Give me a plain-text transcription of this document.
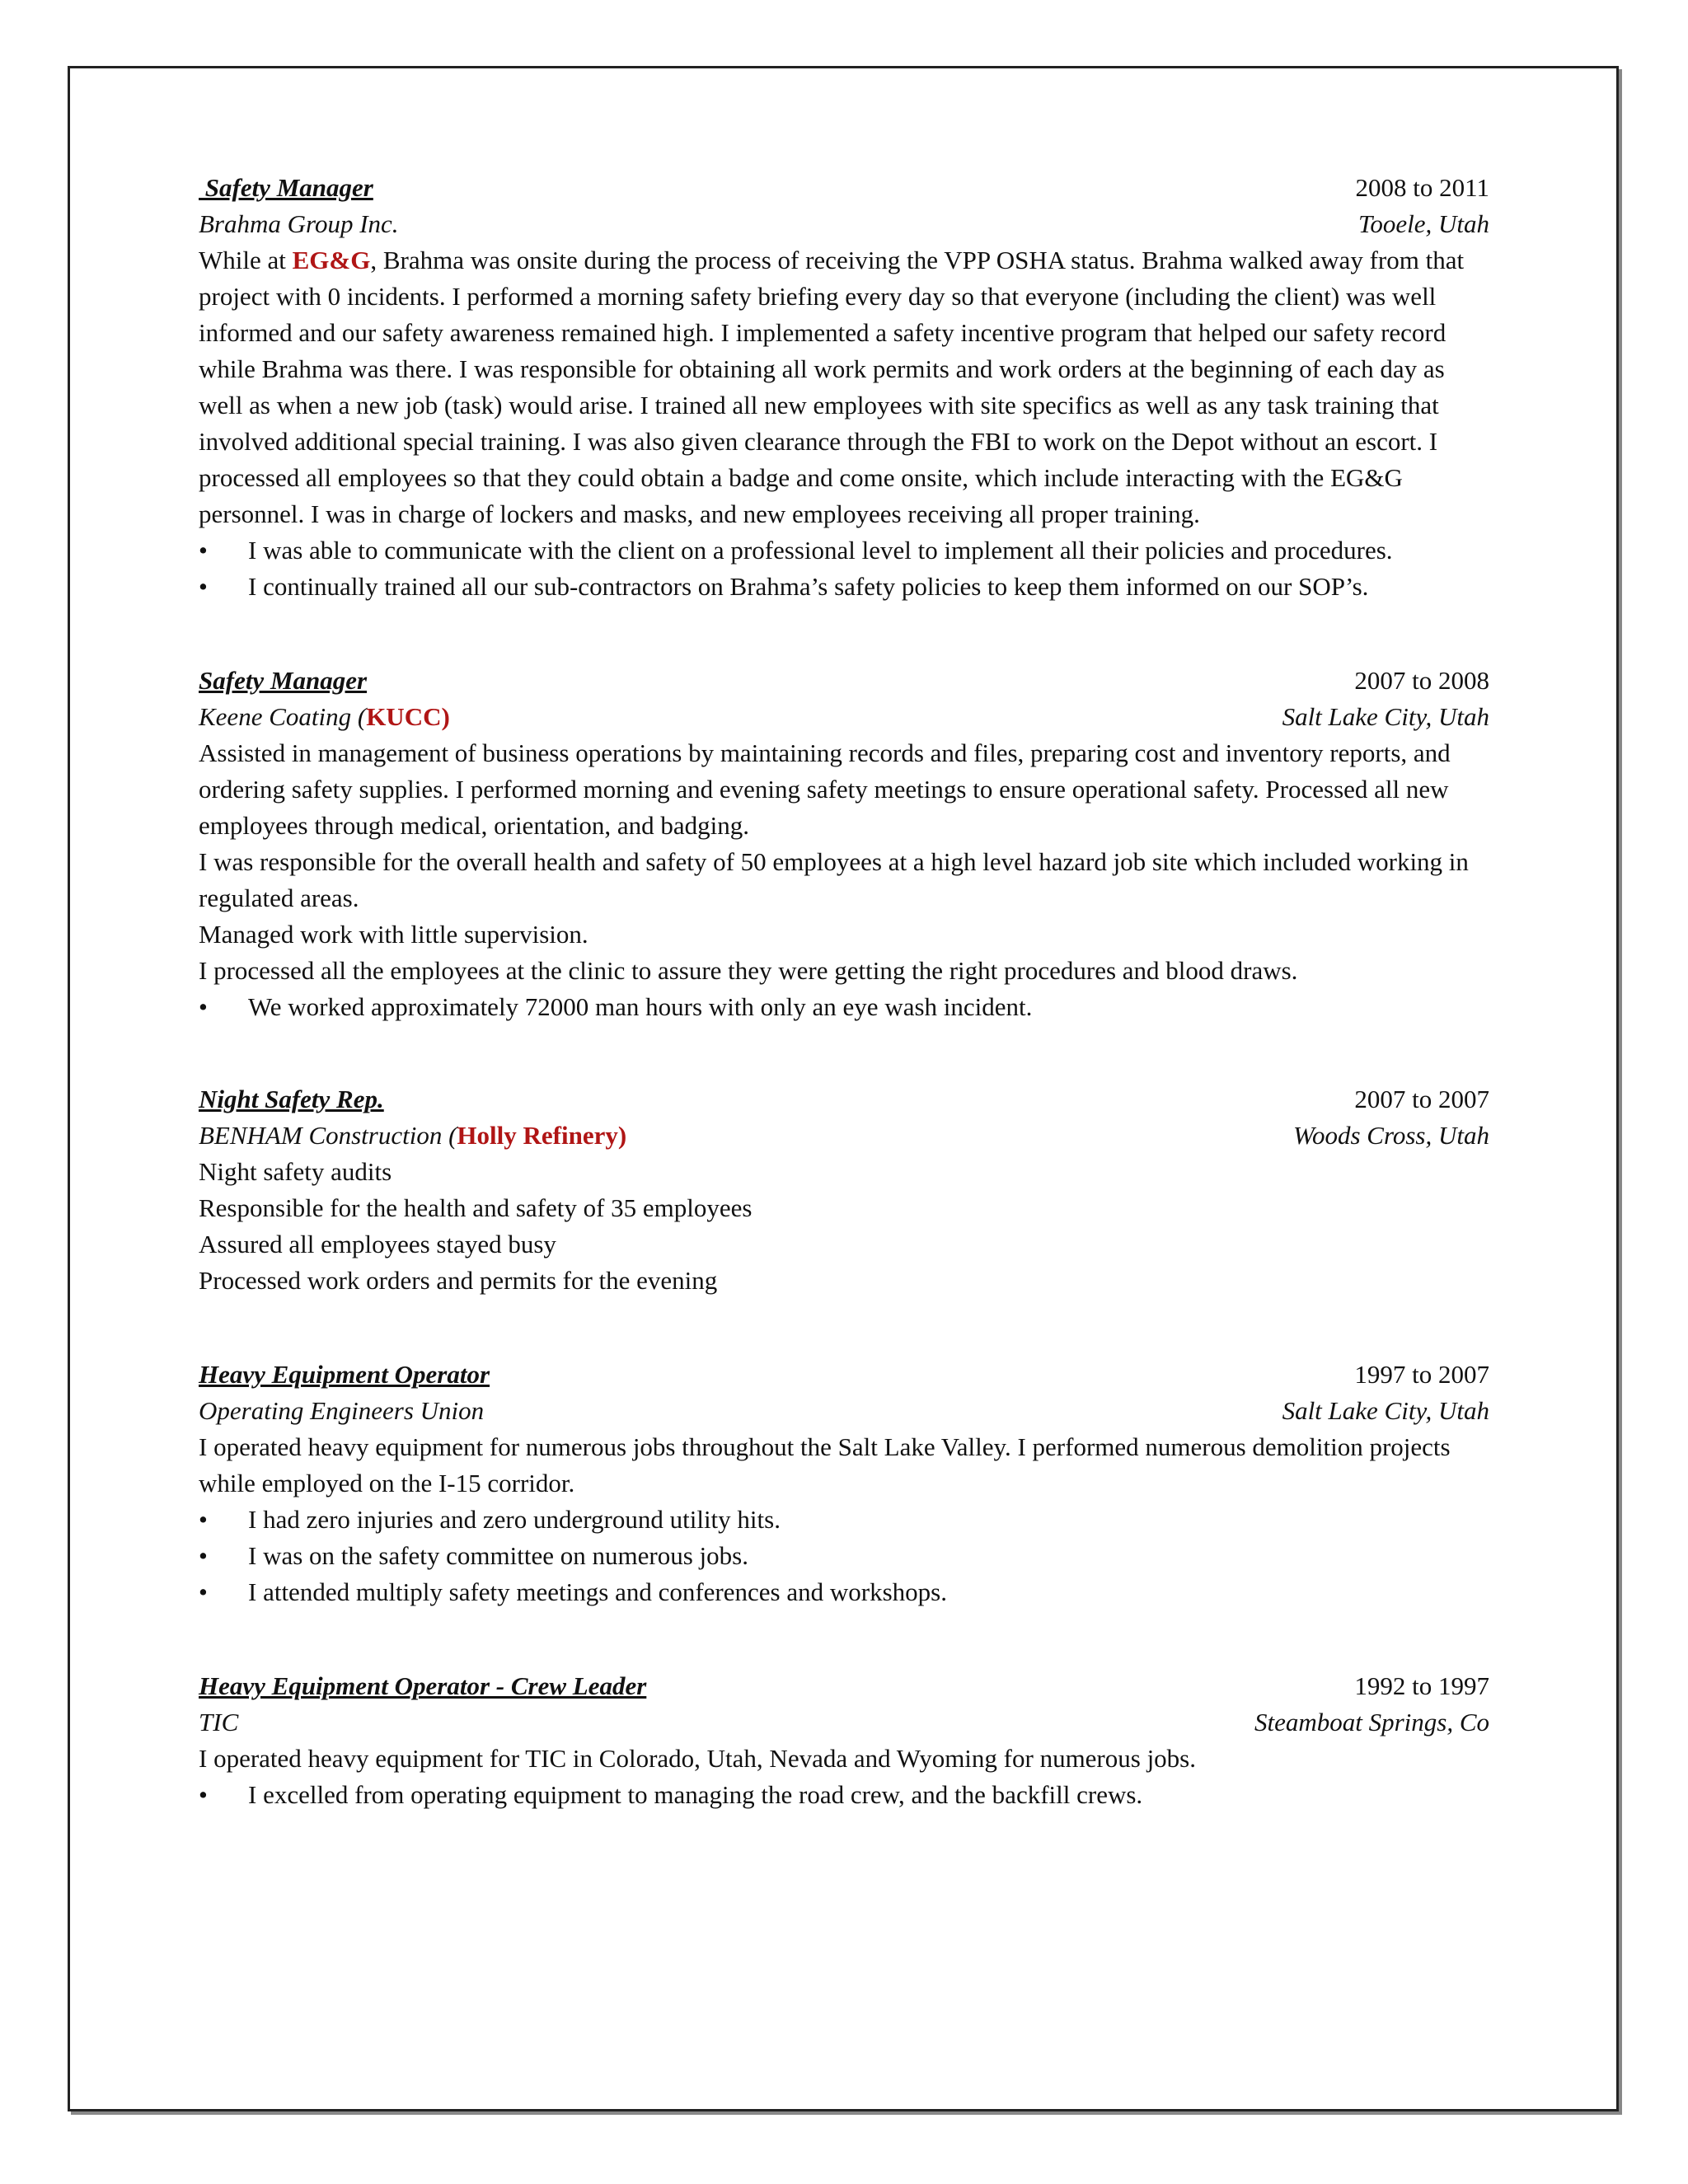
Safety Manager	2008 to 2011
Brahma Group Inc.	Tooele, Utah

While at EG&G, Brahma was onsite during the process of receiving the VPP OSHA status. Brahma walked away from that project with 0 incidents. I performed a morning safety briefing every day so that everyone (including the client) was well informed and our safety awareness remained high. I implemented a safety incentive program that helped our safety record while Brahma was there. I was responsible for obtaining all work permits and work orders at the beginning of each day as well as when a new job (task) would arise. I trained all new employees with site specifics as well as any task training that involved additional special training. I was also given clearance through the FBI to work on the Depot without an escort. I processed all employees so that they could obtain a badge and come onsite, which include interacting with the EG&G personnel. I was in charge of lockers and masks, and new employees receiving all proper training.

• I was able to communicate with the client on a professional level to implement all their policies and procedures.
• I continually trained all our sub-contractors on Brahma’s safety policies to keep them informed on our SOP’s.
Safety Manager	2007 to 2008
Keene Coating (KUCC)	Salt Lake City, Utah

Assisted in management of business operations by maintaining records and files, preparing cost and inventory reports, and ordering safety supplies. I performed morning and evening safety meetings to ensure operational safety. Processed all new employees through medical, orientation, and badging.

I was responsible for the overall health and safety of 50 employees at a high level hazard job site which included working in regulated areas.

Managed work with little supervision.

I processed all the employees at the clinic to assure they were getting the right procedures and blood draws.

• We worked approximately 72000 man hours with only an eye wash incident.
Night Safety Rep.	2007 to 2007
BENHAM Construction (Holly Refinery)	Woods Cross, Utah

Night safety audits

Responsible for the health and safety of 35 employees

Assured all employees stayed busy

Processed work orders and permits for the evening

Heavy Equipment Operator	1997 to 2007
Operating Engineers Union	Salt Lake City, Utah

I operated heavy equipment for numerous jobs throughout the Salt Lake Valley. I performed numerous demolition projects while employed on the I-15 corridor.

• I had zero injuries and zero underground utility hits.
• I was on the safety committee on numerous jobs.
• I attended multiply safety meetings and conferences and workshops.
Heavy Equipment Operator - Crew Leader	1992 to 1997
TIC	Steamboat Springs, Co

I operated heavy equipment for TIC in Colorado, Utah, Nevada and Wyoming for numerous jobs.

• I excelled from operating equipment to managing the road crew, and the backfill crews.
